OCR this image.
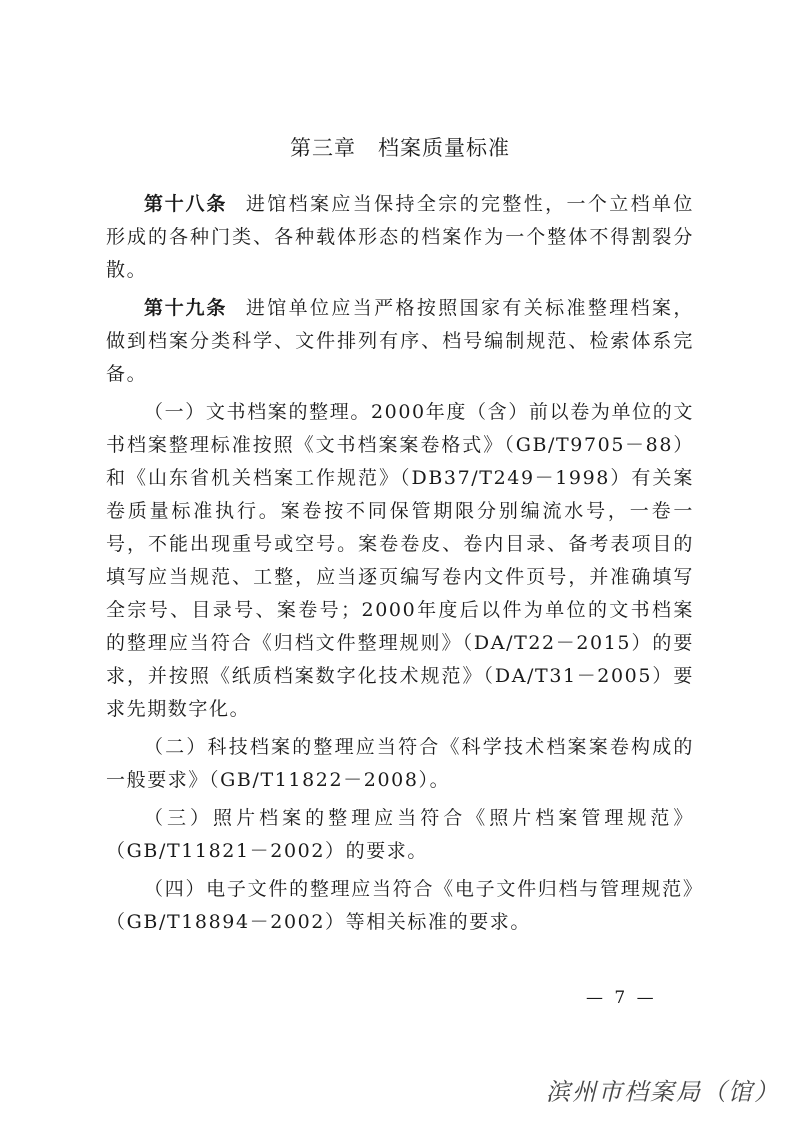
第三章 档案质量标准

第十八条 进馆档案应当保持全宗的完整性，一个立档单位形成的各种门类、各种载体形态的档案作为一个整体不得割裂分散。

第十九条 进馆单位应当严格按照国家有关标准整理档案，做到档案分类科学、文件排列有序、档号编制规范、检索体系完备。

（一）文书档案的整理。2000年度（含）前以卷为单位的文书档案整理标准按照《文书档案案卷格式》（GB/T9705－88）和《山东省机关档案工作规范》（DB37/T249－1998）有关案卷质量标准执行。案卷按不同保管期限分别编流水号，一卷一号，不能出现重号或空号。案卷卷皮、卷内目录、备考表项目的填写应当规范、工整，应当逐页编写卷内文件页号，并准确填写全宗号、目录号、案卷号；2000年度后以件为单位的文书档案的整理应当符合《归档文件整理规则》（DA/T22－2015）的要求，并按照《纸质档案数字化技术规范》（DA/T31－2005）要求先期数字化。

（二）科技档案的整理应当符合《科学技术档案案卷构成的一般要求》（GB/T11822－2008）。

（三）照片档案的整理应当符合《照片档案管理规范》（GB/T11821－2002）的要求。

（四）电子文件的整理应当符合《电子文件归档与管理规范》（GB/T18894－2002）等相关标准的要求。

— 7 —
滨州市档案局（馆）
